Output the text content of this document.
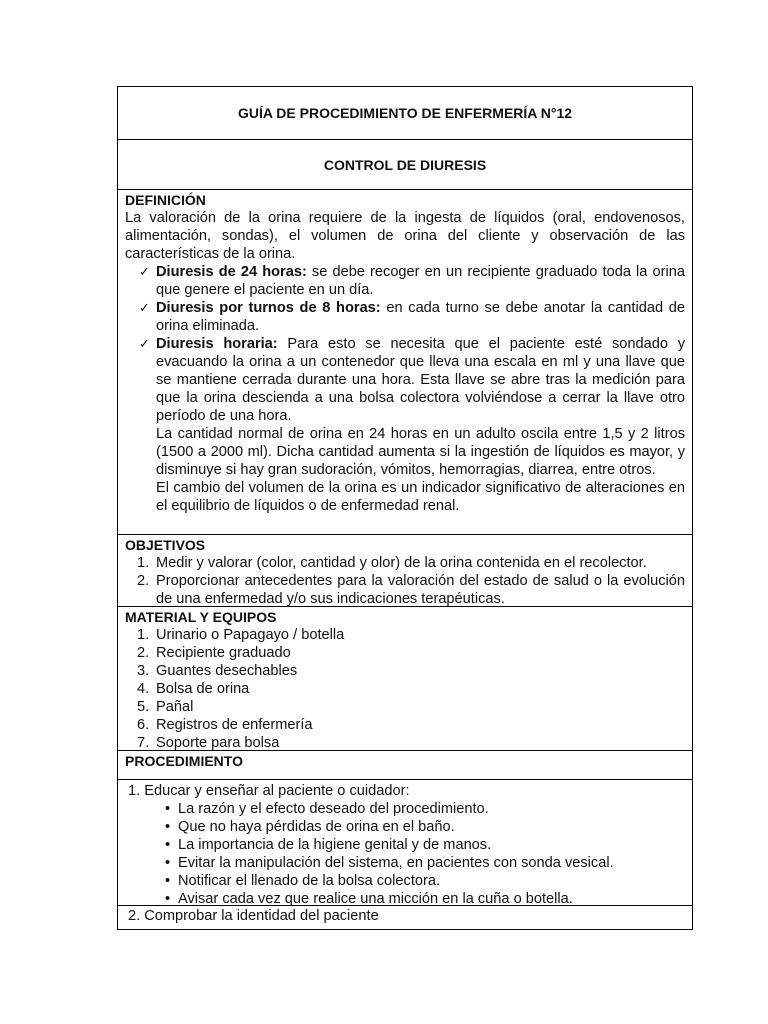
GUÍA DE PROCEDIMIENTO DE ENFERMERÍA N°12
CONTROL DE DIURESIS
DEFINICIÓN
La valoración de la orina requiere de la ingesta de líquidos (oral, endovenosos, alimentación, sondas), el volumen de orina del cliente y observación de las características de la orina.
✓ Diuresis de 24 horas: se debe recoger en un recipiente graduado toda la orina que genere el paciente en un día.
✓ Diuresis por turnos de 8 horas: en cada turno se debe anotar la cantidad de orina eliminada.
✓ Diuresis horaria: Para esto se necesita que el paciente esté sondado y evacuando la orina a un contenedor que lleva una escala en ml y una llave que se mantiene cerrada durante una hora. Esta llave se abre tras la medición para que la orina descienda a una bolsa colectora volviéndose a cerrar la llave otro período de una hora.
La cantidad normal de orina en 24 horas en un adulto oscila entre 1,5 y 2 litros (1500 a 2000 ml). Dicha cantidad aumenta si la ingestión de líquidos es mayor, y disminuye si hay gran sudoración, vómitos, hemorragias, diarrea, entre otros.
El cambio del volumen de la orina es un indicador significativo de alteraciones en el equilibrio de líquidos o de enfermedad renal.
OBJETIVOS
1. Medir y valorar (color, cantidad y olor) de la orina contenida en el recolector.
2. Proporcionar antecedentes para la valoración del estado de salud o la evolución de una enfermedad y/o sus indicaciones terapéuticas.
MATERIAL Y EQUIPOS
1. Urinario o Papagayo / botella
2. Recipiente graduado
3. Guantes desechables
4. Bolsa de orina
5. Pañal
6. Registros de enfermería
7. Soporte para bolsa
PROCEDIMIENTO
1. Educar y enseñar al paciente o cuidador:
• La razón y el efecto deseado del procedimiento.
• Que no haya pérdidas de orina en el baño.
• La importancia de la higiene genital y de manos.
• Evitar la manipulación del sistema, en pacientes con sonda vesical.
• Notificar el llenado de la bolsa colectora.
• Avisar cada vez que realice una micción en la cuña o botella.
2. Comprobar la identidad del paciente
